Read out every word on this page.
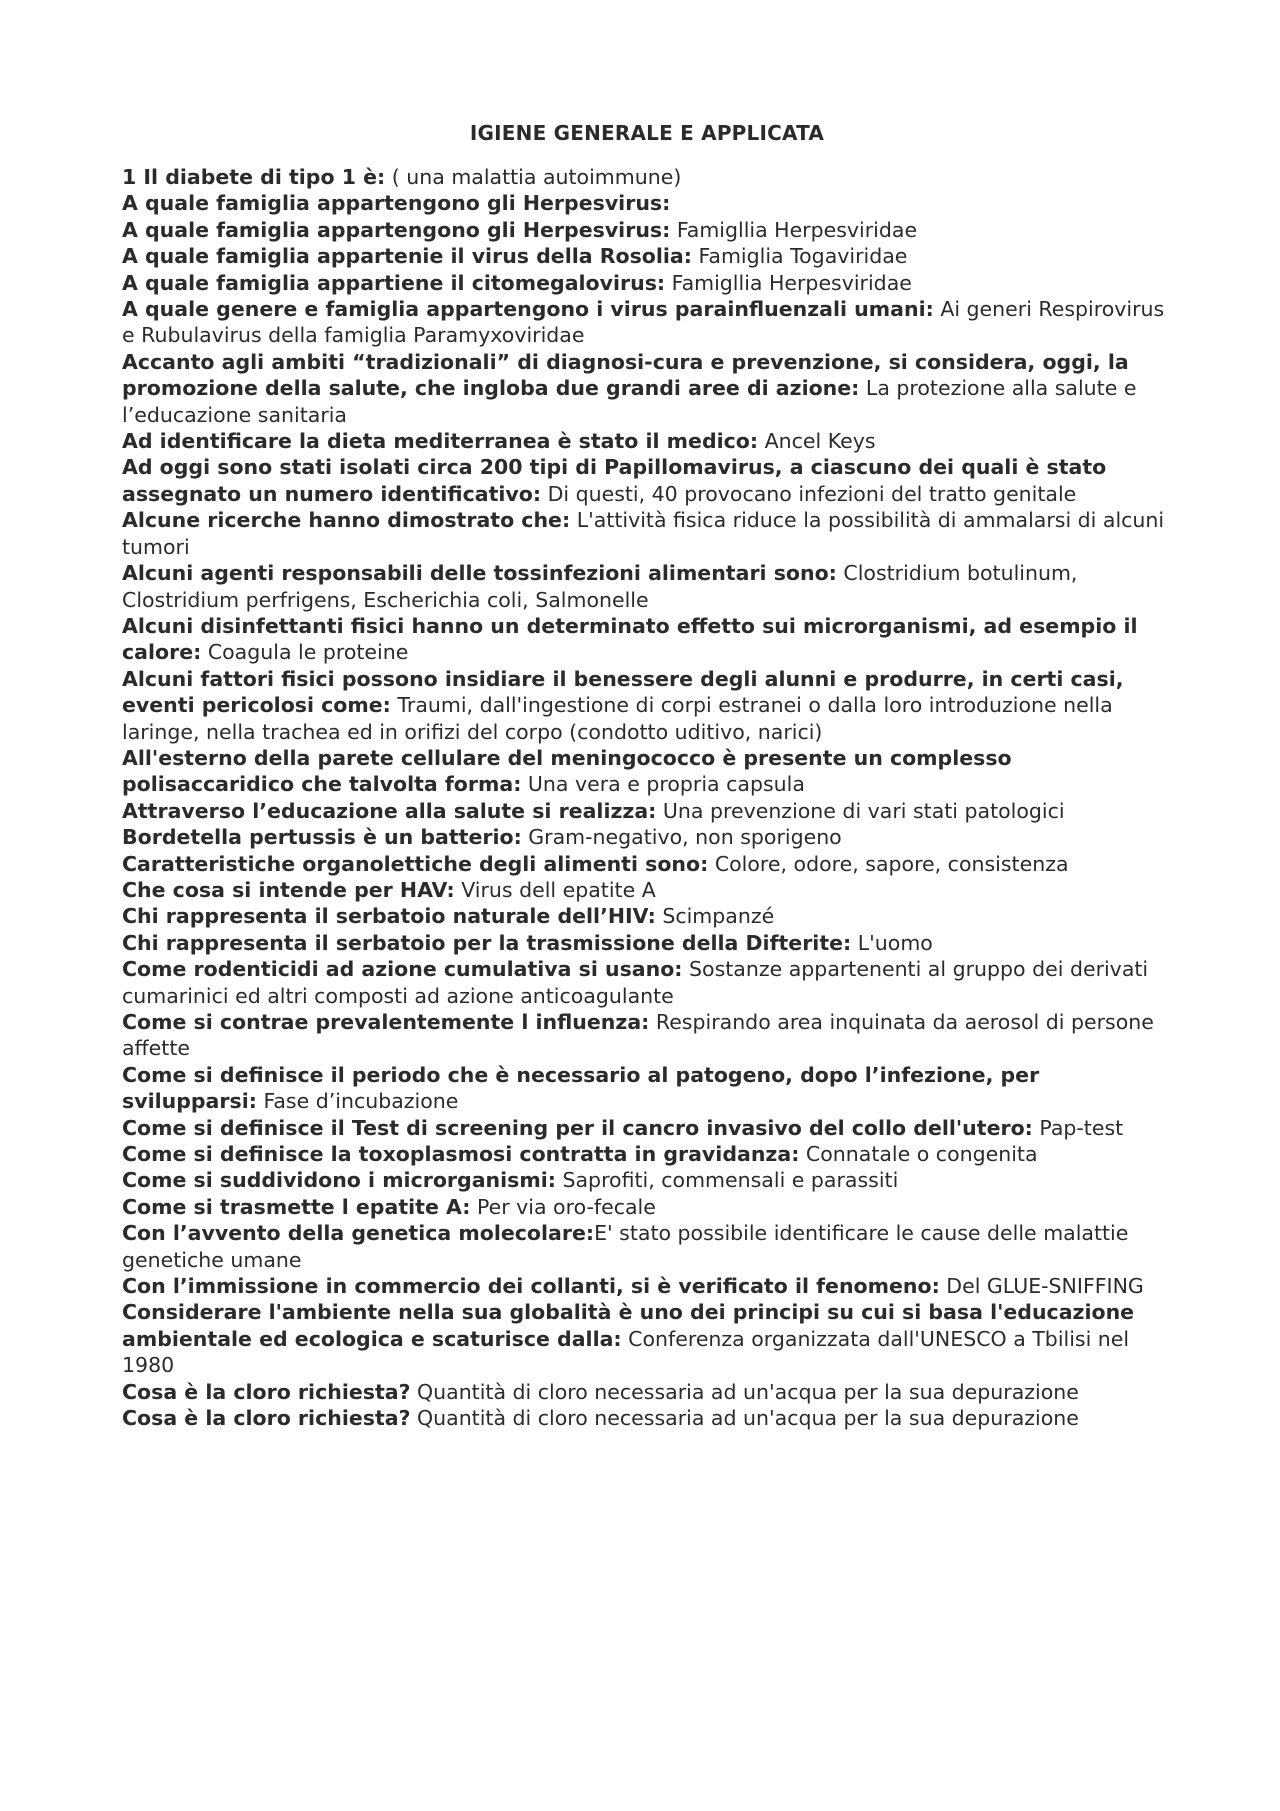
IGIENE GENERALE E APPLICATA

1 Il diabete di tipo 1 è: ( una malattia autoimmune)

A quale famiglia appartengono gli Herpesvirus:

A quale famiglia appartengono gli Herpesvirus: Famigllia Herpesviridae

A quale famiglia appartenie il virus della Rosolia: Famiglia Togaviridae

A quale famiglia appartiene il citomegalovirus: Famigllia Herpesviridae

A quale genere e famiglia appartengono i virus parainfluenzali umani: Ai generi Respirovirus e Rubulavirus della famiglia Paramyxoviridae

Accanto agli ambiti “tradizionali” di diagnosi-cura e prevenzione, si considera, oggi, la promozione della salute, che ingloba due grandi aree di azione: La protezione alla salute e l’educazione sanitaria

Ad identificare la dieta mediterranea è stato il medico: Ancel Keys

Ad oggi sono stati isolati circa 200 tipi di Papillomavirus, a ciascuno dei quali è stato assegnato un numero identificativo: Di questi, 40 provocano infezioni del tratto genitale

Alcune ricerche hanno dimostrato che: L'attività fisica riduce la possibilità di ammalarsi di alcuni tumori

Alcuni agenti responsabili delle tossinfezioni alimentari sono: Clostridium botulinum, Clostridium perfrigens, Escherichia coli, Salmonelle

Alcuni disinfettanti fisici hanno un determinato effetto sui microrganismi, ad esempio il calore: Coagula le proteine

Alcuni fattori fisici possono insidiare il benessere degli alunni e produrre, in certi casi, eventi pericolosi come: Traumi, dall'ingestione di corpi estranei o dalla loro introduzione nella laringe, nella trachea ed in orifizi del corpo (condotto uditivo, narici)

All'esterno della parete cellulare del meningococco è presente un complesso polisaccaridico che talvolta forma: Una vera e propria capsula

Attraverso l’educazione alla salute si realizza: Una prevenzione di vari stati patologici

Bordetella pertussis è un batterio: Gram-negativo, non sporigeno

Caratteristiche organolettiche degli alimenti sono: Colore, odore, sapore, consistenza

Che cosa si intende per HAV: Virus dell epatite A

Chi rappresenta il serbatoio naturale dell’HIV: Scimpanzé

Chi rappresenta il serbatoio per la trasmissione della Difterite: L'uomo

Come rodenticidi ad azione cumulativa si usano: Sostanze appartenenti al gruppo dei derivati cumarinici ed altri composti ad azione anticoagulante

Come si contrae prevalentemente l influenza: Respirando area inquinata da aerosol di persone affette

Come si definisce il periodo che è necessario al patogeno, dopo l’infezione, per svilupparsi: Fase d’incubazione

Come si definisce il Test di screening per il cancro invasivo del collo dell'utero: Pap-test

Come si definisce la toxoplasmosi contratta in gravidanza: Connatale o congenita

Come si suddividono i microrganismi: Saprofiti, commensali e parassiti

Come si trasmette l epatite A: Per via oro-fecale

Con l’avvento della genetica molecolare:E' stato possibile identificare le cause delle malattie genetiche umane

Con l’immissione in commercio dei collanti, si è verificato il fenomeno: Del GLUE-SNIFFING

Considerare l'ambiente nella sua globalità è uno dei principi su cui si basa l'educazione ambientale ed ecologica e scaturisce dalla: Conferenza organizzata dall'UNESCO a Tbilisi nel 1980

Cosa è la cloro richiesta? Quantità di cloro necessaria ad un'acqua per la sua depurazione

Cosa è la cloro richiesta? Quantità di cloro necessaria ad un'acqua per la sua depurazione
